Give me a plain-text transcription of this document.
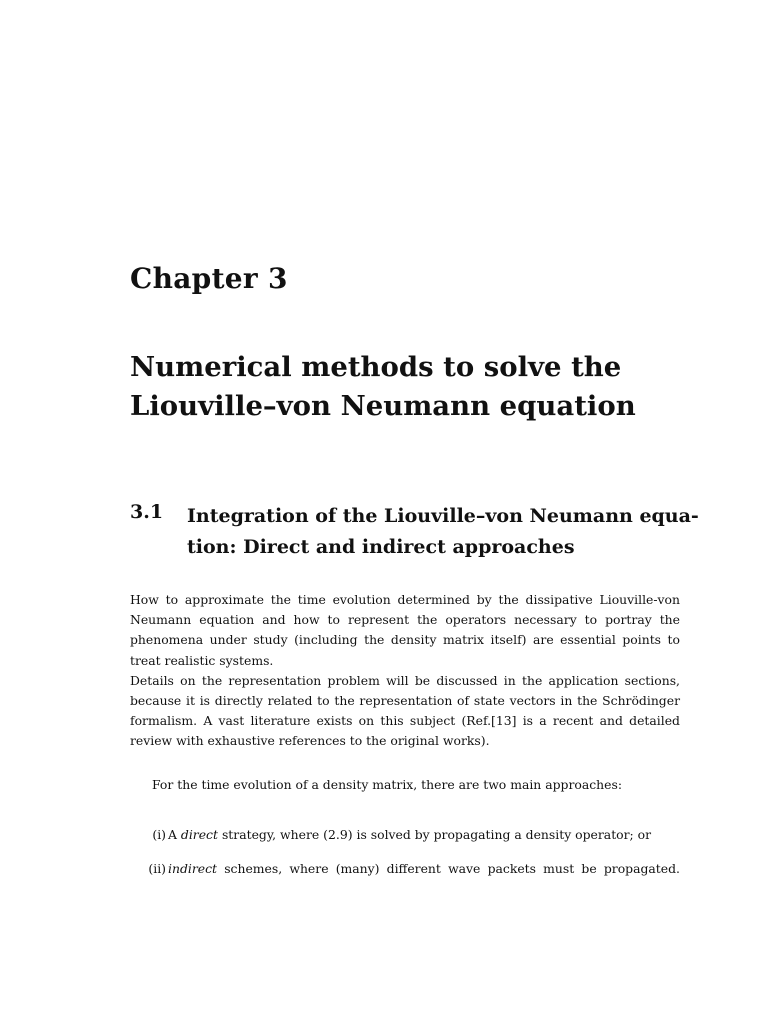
Chapter 3
Numerical methods to solve the
Liouville–von Neumann equation
3.1 Integration of the Liouville–von Neumann equa-
tion: Direct and indirect approaches
How to approximate the time evolution determined by the dissipative Liouville-von
Neumann equation and how to represent the operators necessary to portray the
phenomena under study (including the density matrix itself) are essential points to
treat realistic systems.
Details on the representation problem will be discussed in the application sections,
because it is directly related to the representation of state vectors in the Schrödinger
formalism. A vast literature exists on this subject (Ref.[13] is a recent and detailed
review with exhaustive references to the original works).
For the time evolution of a density matrix, there are two main approaches:
(i) A direct strategy, where (2.9) is solved by propagating a density operator; or
(ii) indirect schemes, where (many) different wave packets must be propagated.
